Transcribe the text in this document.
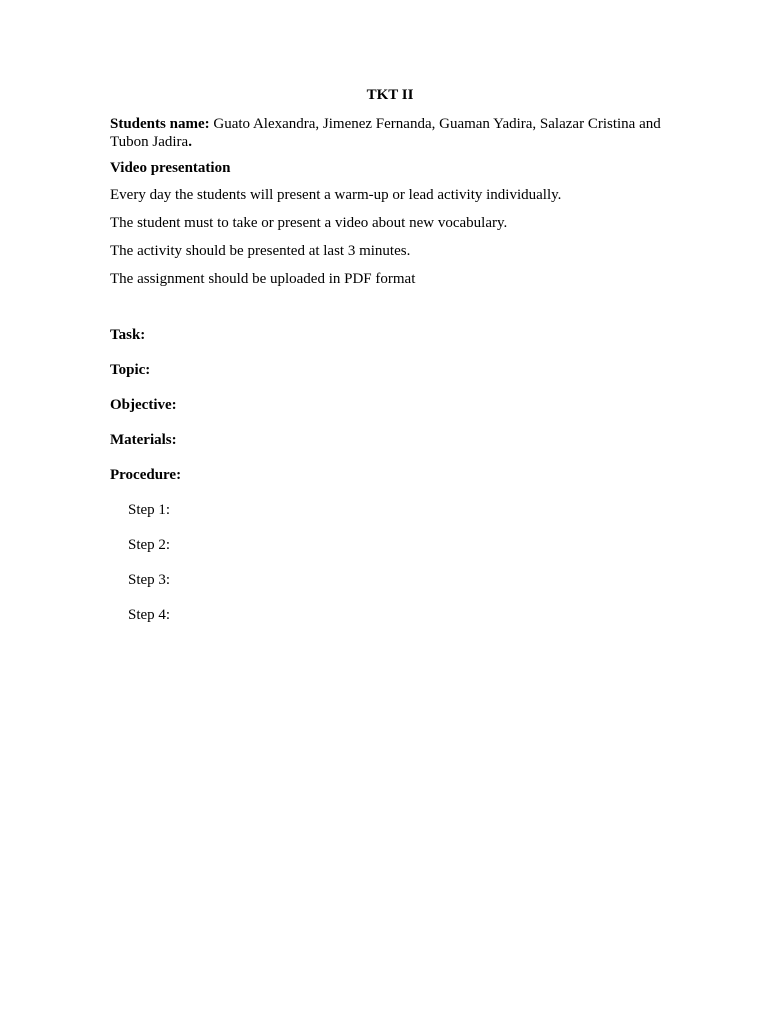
TKT II
Students name: Guato Alexandra, Jimenez Fernanda, Guaman Yadira, Salazar Cristina and Tubon Jadira.
Video presentation
Every day the students will present a warm-up or lead activity individually.
The student must to take or present a video about new vocabulary.
The activity should be presented at last 3 minutes.
The assignment should be uploaded in PDF format
Task:
Topic:
Objective:
Materials:
Procedure:
Step 1:
Step 2:
Step 3:
Step 4:
